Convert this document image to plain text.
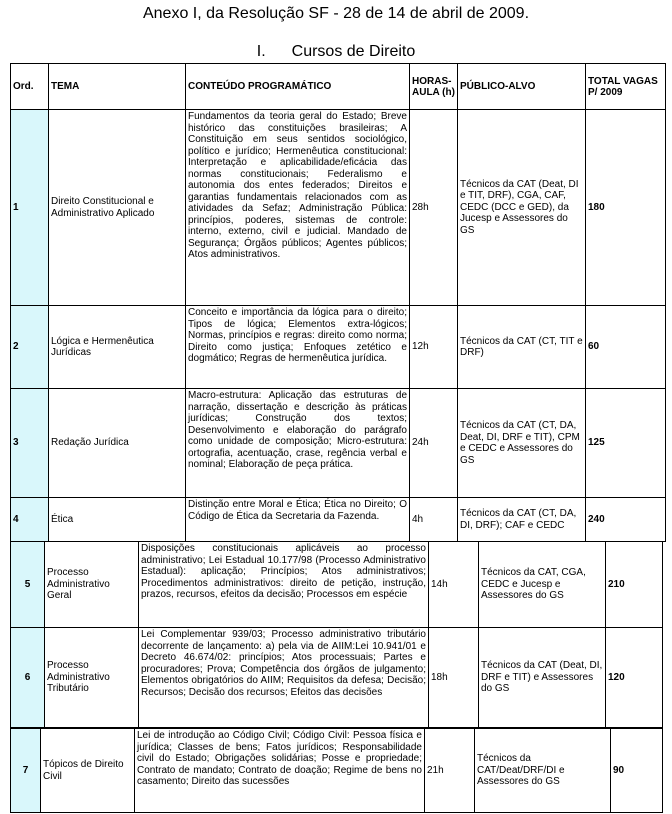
Anexo I, da Resolução SF - 28 de 14 de abril de 2009.
I. Cursos de Direito
Ord.	TEMA	CONTEÚDO PROGRAMÁTICO	HORAS-AULA (h)	PÚBLICO-ALVO	TOTAL VAGAS P/ 2009
1	Direito Constitucional e Administrativo Aplicado	Fundamentos da teoria geral do Estado; Breve histórico das constituições brasileiras; A Constituição em seus sentidos sociológico, político e jurídico; Hermenêutica constitucional: Interpretação e aplicabilidade/eficácia das normas constitucionais; Federalismo e autonomia dos entes federados; Direitos e garantias fundamentais relacionados com as atividades da Sefaz; Administração Pública: princípios, poderes, sistemas de controle: interno, externo, civil e judicial. Mandado de Segurança; Órgãos públicos; Agentes públicos; Atos administrativos.	28h	Técnicos da CAT (Deat, DI e TIT, DRF), CGA, CAF, CEDC (DCC e GED), da Jucesp e Assessores do GS	180
2	Lógica e Hermenêutica Jurídicas	Conceito e importância da lógica para o direito; Tipos de lógica; Elementos extra-lógicos; Normas, princípios e regras: direito como norma; Direito como justiça; Enfoques zetético e dogmático; Regras de hermenêutica jurídica.	12h	Técnicos da CAT (CT, TIT e DRF)	60
3	Redação Jurídica	Macro-estrutura: Aplicação das estruturas de narração, dissertação e descrição às práticas jurídicas; Construção dos textos; Desenvolvimento e elaboração do parágrafo como unidade de composição; Micro-estrutura: ortografia, acentuação, crase, regência verbal e nominal; Elaboração de peça prática.	24h	Técnicos da CAT (CT, DA, Deat, DI, DRF e TIT), CPM e CEDC e Assessores do GS	125
4	Ética	Distinção entre Moral e Ética; Ética no Direito; O Código de Ética da Secretaria da Fazenda.	4h	Técnicos da CAT (CT, DA, DI, DRF); CAF e CEDC	240
5	Processo Administrativo Geral	Disposições constitucionais aplicáveis ao processo administrativo; Lei Estadual 10.177/98 (Processo Administrativo Estadual): aplicação; Princípios; Atos administrativos; Procedimentos administrativos: direito de petição, instrução, prazos, recursos, efeitos da decisão; Processos em espécie	14h	Técnicos da CAT, CGA, CEDC e Jucesp e Assessores do GS	210
6	Processo Administrativo Tributário	Lei Complementar 939/03; Processo administrativo tributário decorrente de lançamento: a) pela via de AIIM:Lei 10.941/01 e Decreto 46.674/02: princípios; Atos processuais; Partes e procuradores; Prova; Competência dos órgãos de julgamento; Elementos obrigatórios do AIIM; Requisitos da defesa; Decisão; Recursos; Decisão dos recursos; Efeitos das decisões	18h	Técnicos da CAT (Deat, DI, DRF e TIT) e Assessores do GS	120
7	Tópicos de Direito Civil	Lei de introdução ao Código Civil; Código Civil: Pessoa física e jurídica; Classes de bens; Fatos jurídicos; Responsabilidade civil do Estado; Obrigações solidárias; Posse e propriedade; Contrato de mandato; Contrato de doação; Regime de bens no casamento; Direito das sucessões	21h	Técnicos da CAT/Deat/DRF/DI e Assessores do GS	90
